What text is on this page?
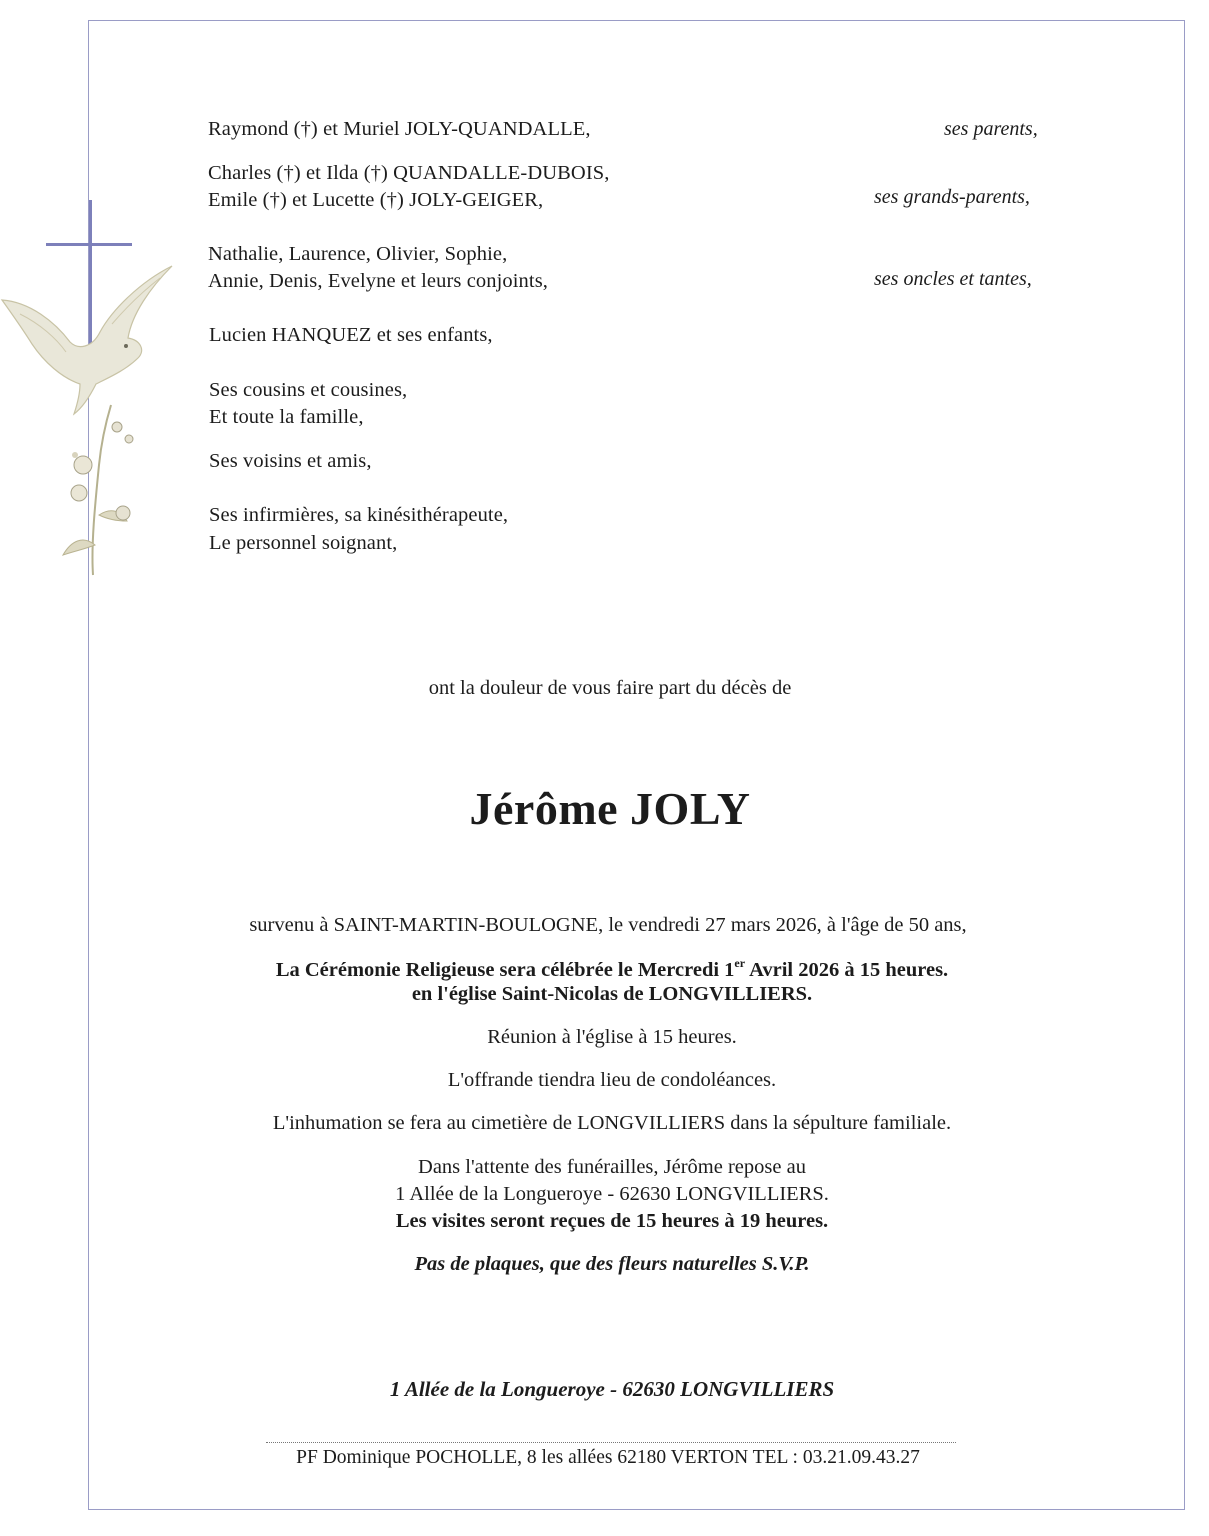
Raymond (†) et Muriel JOLY-QUANDALLE,	ses parents,
Charles (†) et Ilda (†) QUANDALLE-DUBOIS,
Emile (†) et Lucette (†) JOLY-GEIGER,	ses grands-parents,
Nathalie, Laurence, Olivier, Sophie,
Annie, Denis, Evelyne et leurs conjoints,	ses oncles et tantes,
Lucien HANQUEZ et ses enfants,
Ses cousins et cousines,
Et toute la famille,
Ses voisins et amis,
Ses infirmières, sa kinésithérapeute,
Le personnel soignant,
ont la douleur de vous faire part du décès de
Jérôme JOLY
survenu à SAINT-MARTIN-BOULOGNE, le vendredi 27 mars 2026, à l'âge de 50 ans,
La Cérémonie Religieuse sera célébrée le Mercredi 1er Avril 2026 à 15 heures.
en l'église Saint-Nicolas de LONGVILLIERS.
Réunion à l'église à 15 heures.
L'offrande tiendra lieu de condoléances.
L'inhumation se fera au cimetière de LONGVILLIERS dans la sépulture familiale.
Dans l'attente des funérailles, Jérôme repose au
1 Allée de la Longueroye - 62630 LONGVILLIERS.
Les visites seront reçues de 15 heures à 19 heures.
Pas de plaques, que des fleurs naturelles S.V.P.
1 Allée de la Longueroye - 62630 LONGVILLIERS
PF Dominique POCHOLLE, 8 les allées 62180 VERTON TEL : 03.21.09.43.27
